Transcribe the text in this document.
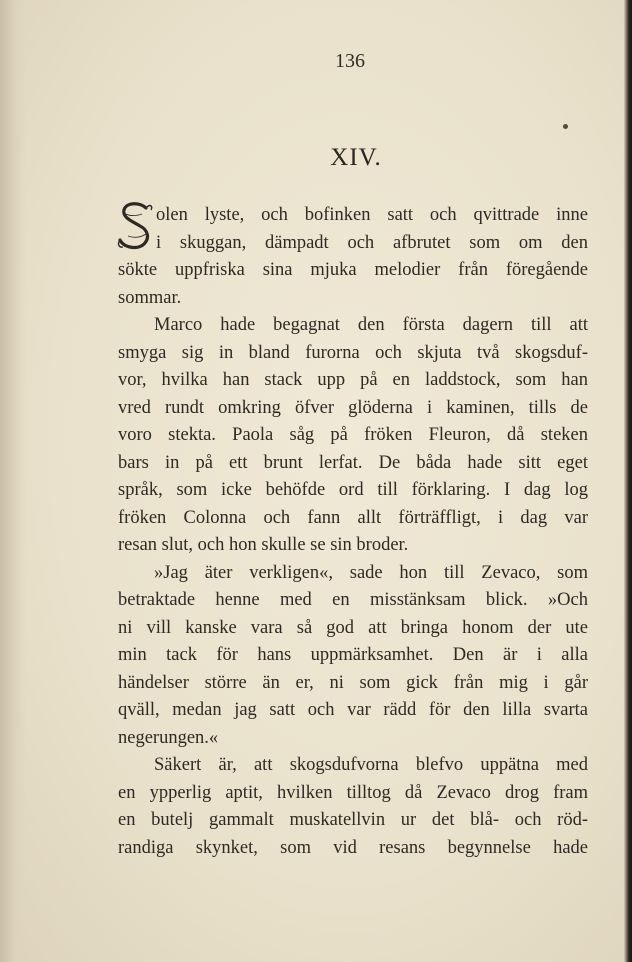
136
XIV.
olen lyste, och bofinken satt och qvittrade inne
i skuggan, dämpadt och afbrutet som om den
sökte uppfriska sina mjuka melodier från föregående
sommar.
Marco hade begagnat den första dagern till att
smyga sig in bland furorna och skjuta två skogsduf-
vor, hvilka han stack upp på en laddstock, som han
vred rundt omkring öfver glöderna i kaminen, tills de
voro stekta. Paola såg på fröken Fleuron, då steken
bars in på ett brunt lerfat. De båda hade sitt eget
språk, som icke behöfde ord till förklaring. I dag log
fröken Colonna och fann allt förträffligt, i dag var
resan slut, och hon skulle se sin broder.
»Jag äter verkligen«, sade hon till Zevaco, som
betraktade henne med en misstänksam blick. »Och
ni vill kanske vara så god att bringa honom der ute
min tack för hans uppmärksamhet. Den är i alla
händelser större än er, ni som gick från mig i går
qväll, medan jag satt och var rädd för den lilla svarta
negerungen.«
Säkert är, att skogsdufvorna blefvo uppätna med
en ypperlig aptit, hvilken tilltog då Zevaco drog fram
en butelj gammalt muskatellvin ur det blå- och röd-
randiga skynket, som vid resans begynnelse hade
